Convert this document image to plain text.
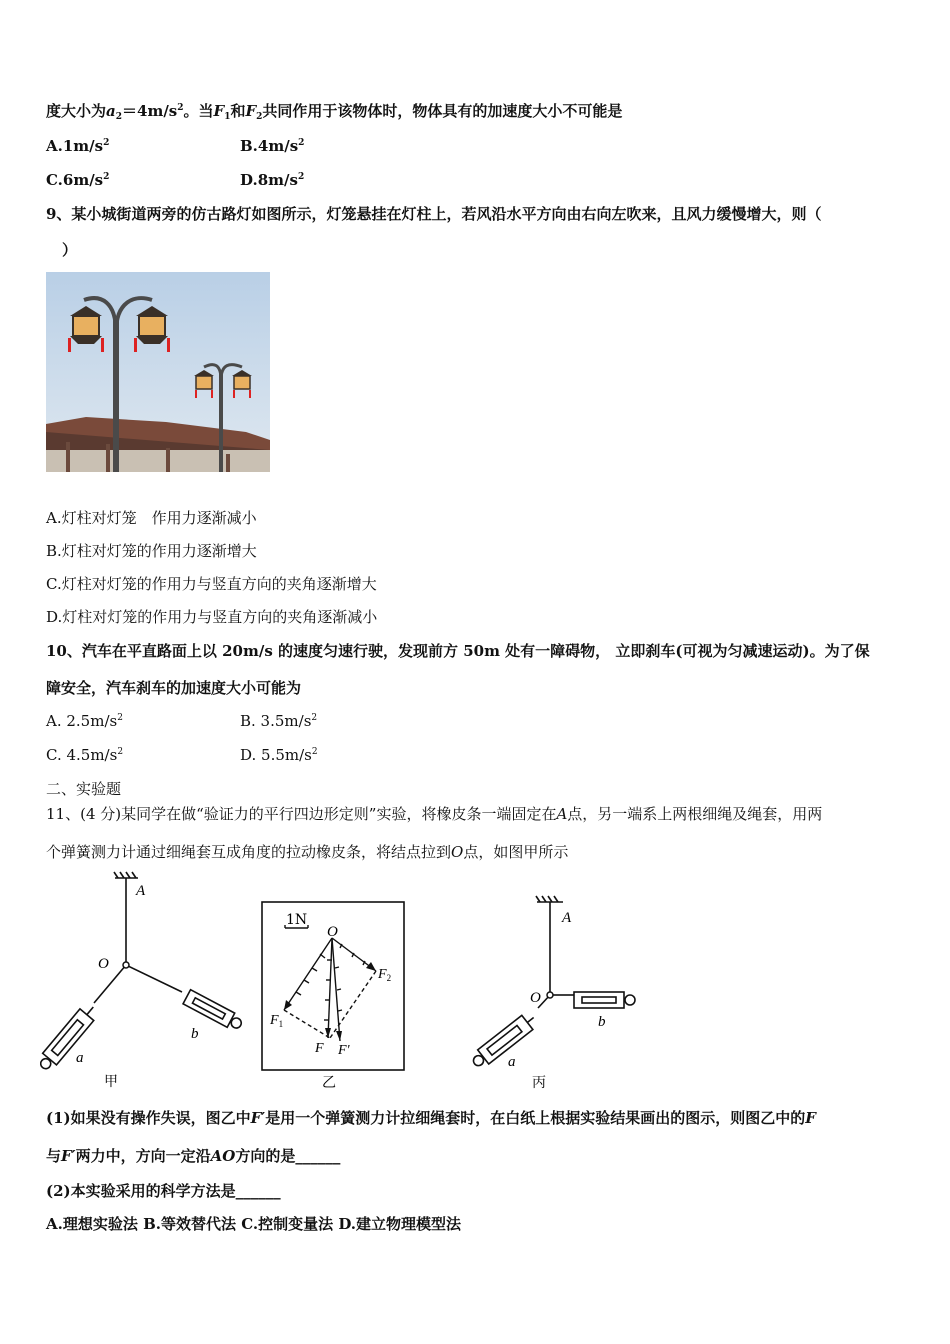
度大小为$a_2=4m/s^2$。当$F_1$和$F_2$共同作用于该物体时，物体具有的加速度大小不可能是
$A.1m/s^2$	$B.4m/s^2$
$C.6m/s^2$	$D.8m/s^2$
9、某小城街道两旁的仿古路灯如图所示，灯笼悬挂在灯柱上，若风沿水平方向由右向左吹来，且风力缓慢增大，则（
）
A.灯柱对灯笼　作用力逐渐减小
B.灯柱对灯笼的作用力逐渐增大
C.灯柱对灯笼的作用力与竖直方向的夹角逐渐增大
D.灯柱对灯笼的作用力与竖直方向的夹角逐渐减小
10、汽车在平直路面上以 20m/s 的速度匀速行驶，发现前方 50m 处有一障碍物， 立即刹车(可视为匀减速运动)。为了保
障安全，汽车刹车的加速度大小可能为
A. $2.5m/s^2$	B. $3.5m/s^2$
C. $4.5m/s^2$	D. $5.5m/s^2$
二、实验题
11、(4 分)某同学在做“验证力的平行四边形定则”实验，将橡皮条一端固定在A点，另一端系上两根细绳及绳套，用两
个弹簧测力计通过细绳套互成角度的拉动橡皮条，将结点拉到O点，如图甲所示
A
O
a
b
甲
1N
O
$F_2$
$F_1$
F F'
乙
A
O
a
b
丙
(1)如果没有操作失误，图乙中F′是用一个弹簧测力计拉细绳套时，在白纸上根据实验结果画出的图示，则图乙中的F
与F′两力中，方向一定沿AO方向的是______
(2)本实验采用的科学方法是______
A.理想实验法 B.等效替代法 C.控制变量法 D.建立物理模型法
